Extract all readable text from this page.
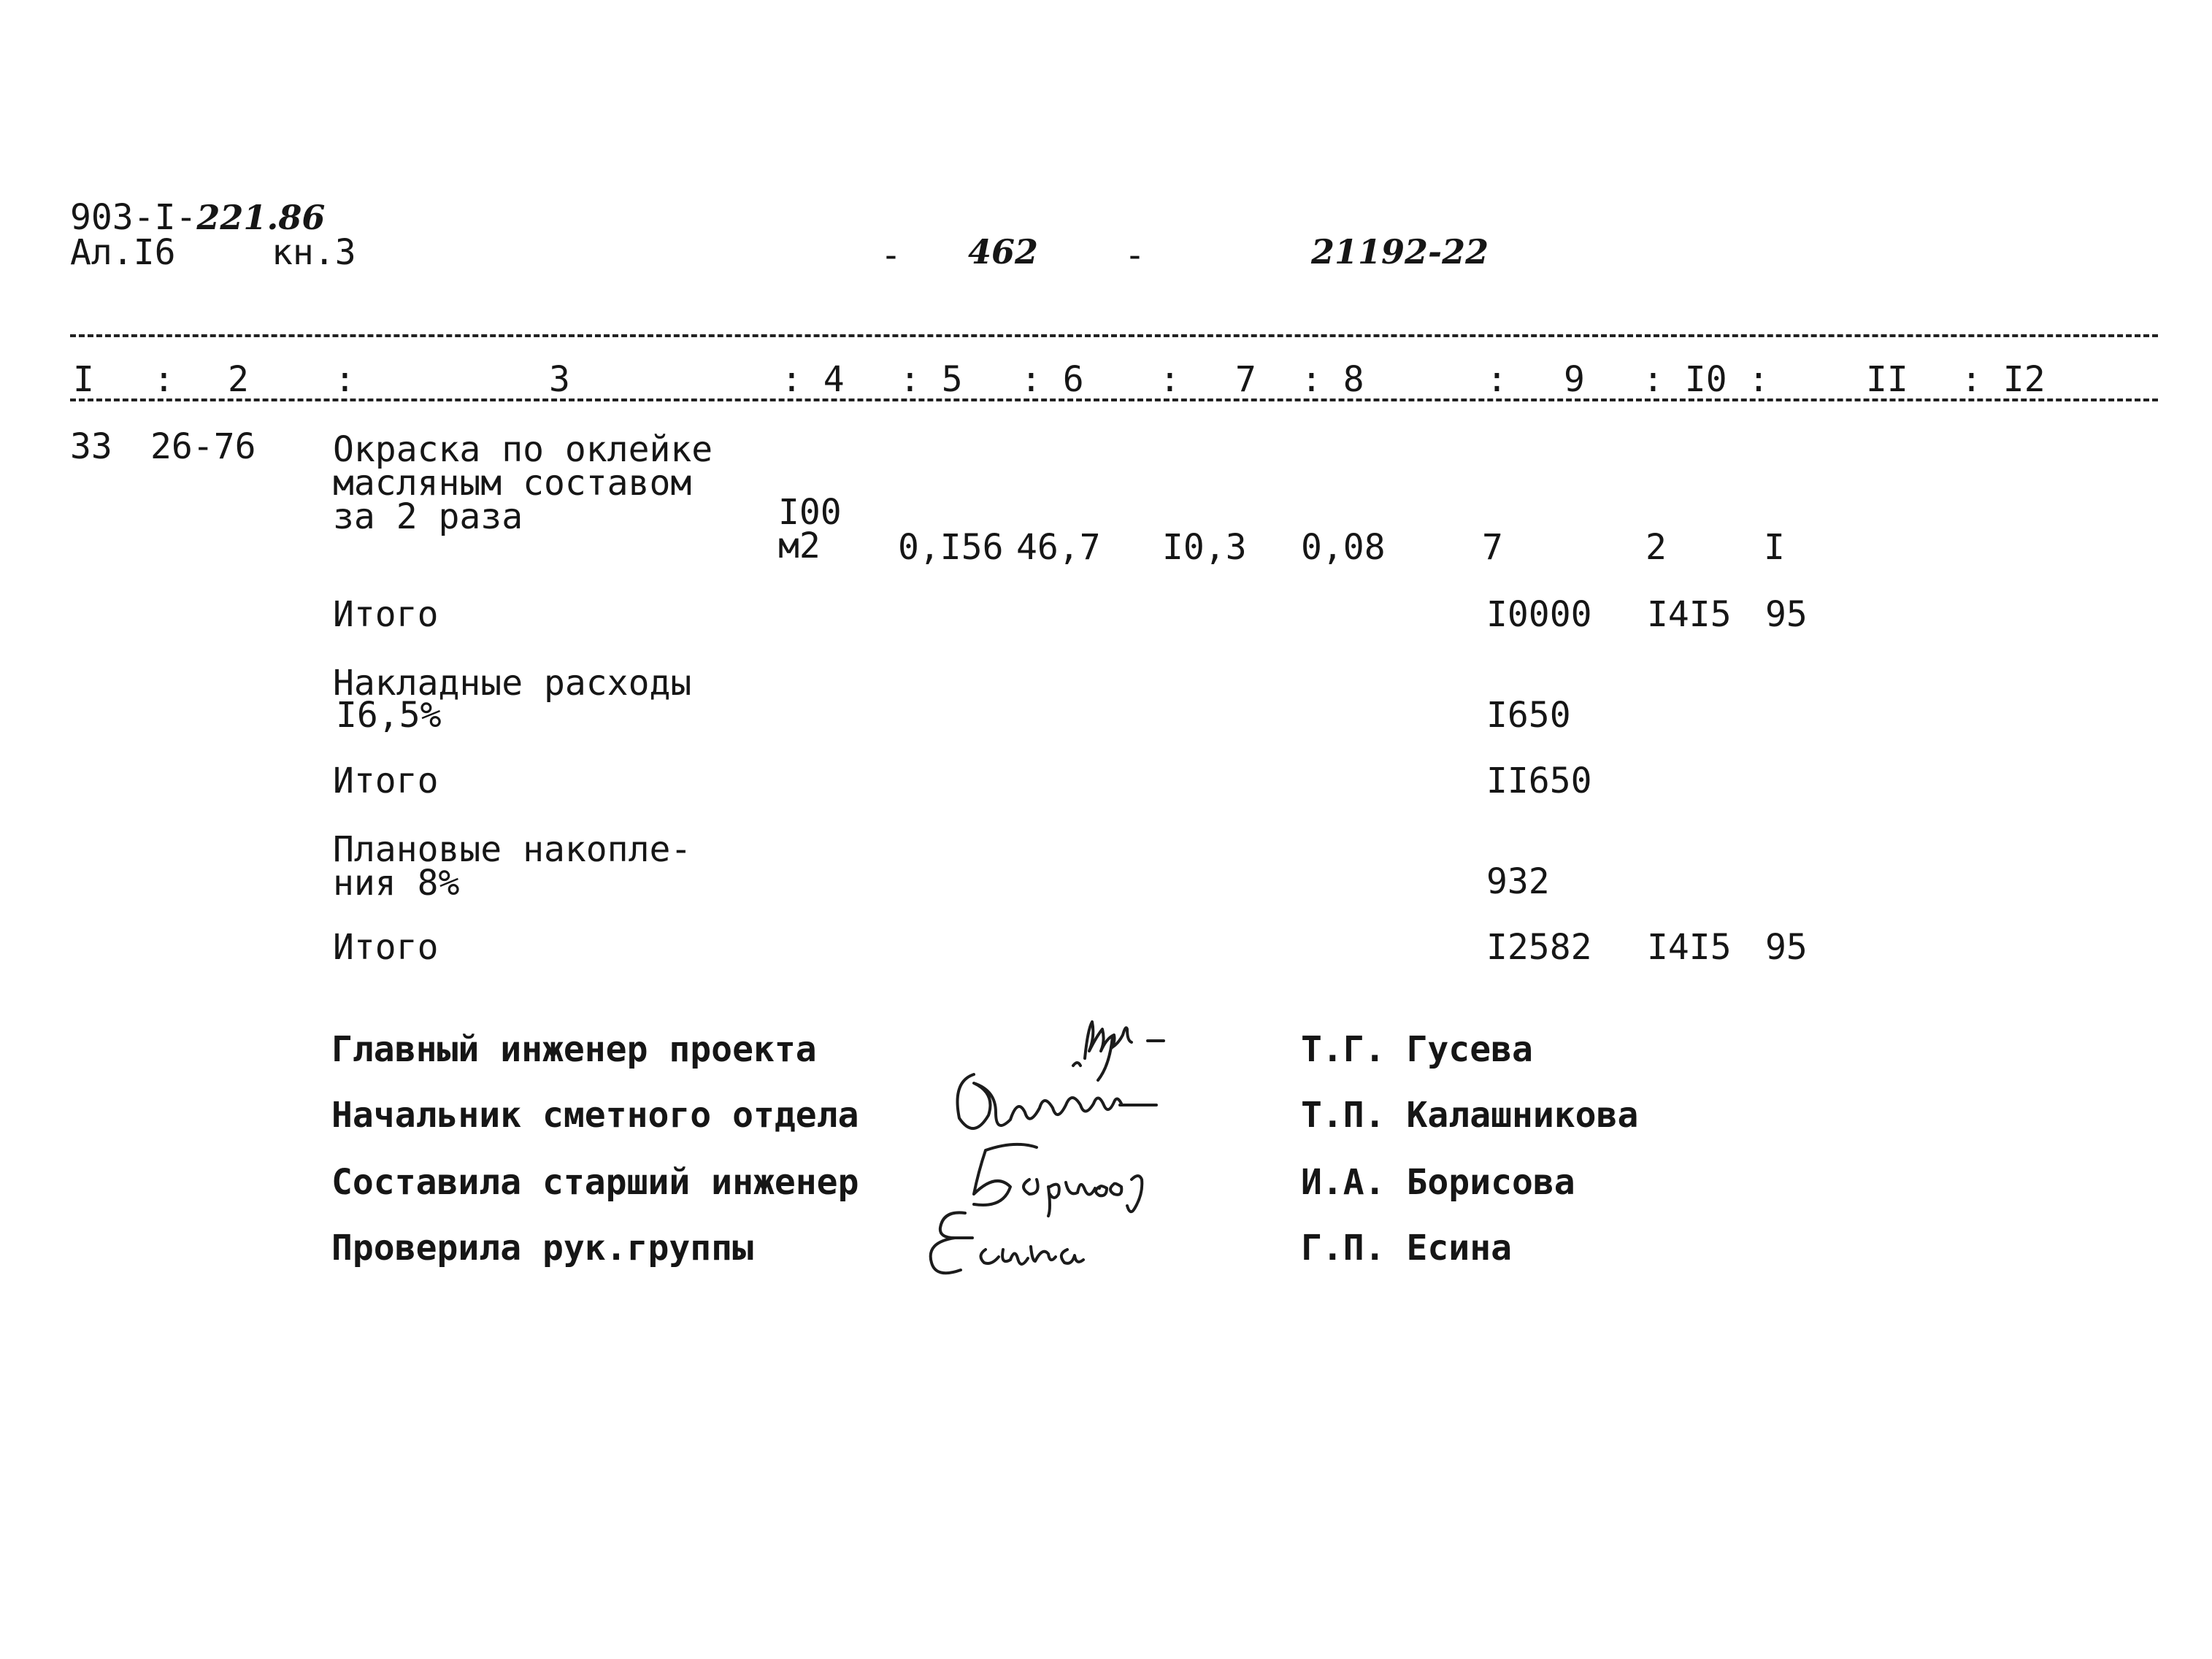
903-I-221.86
Ал.I6	кн.3	- 462 -	21192-22
I : 2 :	3	: 4 : 5 : 6 : 7 : 8	: 9 : I0 :	II : I2
33 26-76 Окраска по оклейке
масляным составом
за 2 раза	I00
м2 0,I56 46,7 I0,3 0,08	7	2	I
Итого	I0000 I4I5 95
Накладные расходы
I6,5%	I650
Итого	II650
Плановые накопле-
ния 8%	932
Итого	I2582 I4I5 95
Главный инженер проекта	Т.Г. Гусева
Начальник сметного отдела	Т.П. Калашникова
Составила старший инженер	И.А. Борисова
Проверила рук.группы	Г.П. Есина
